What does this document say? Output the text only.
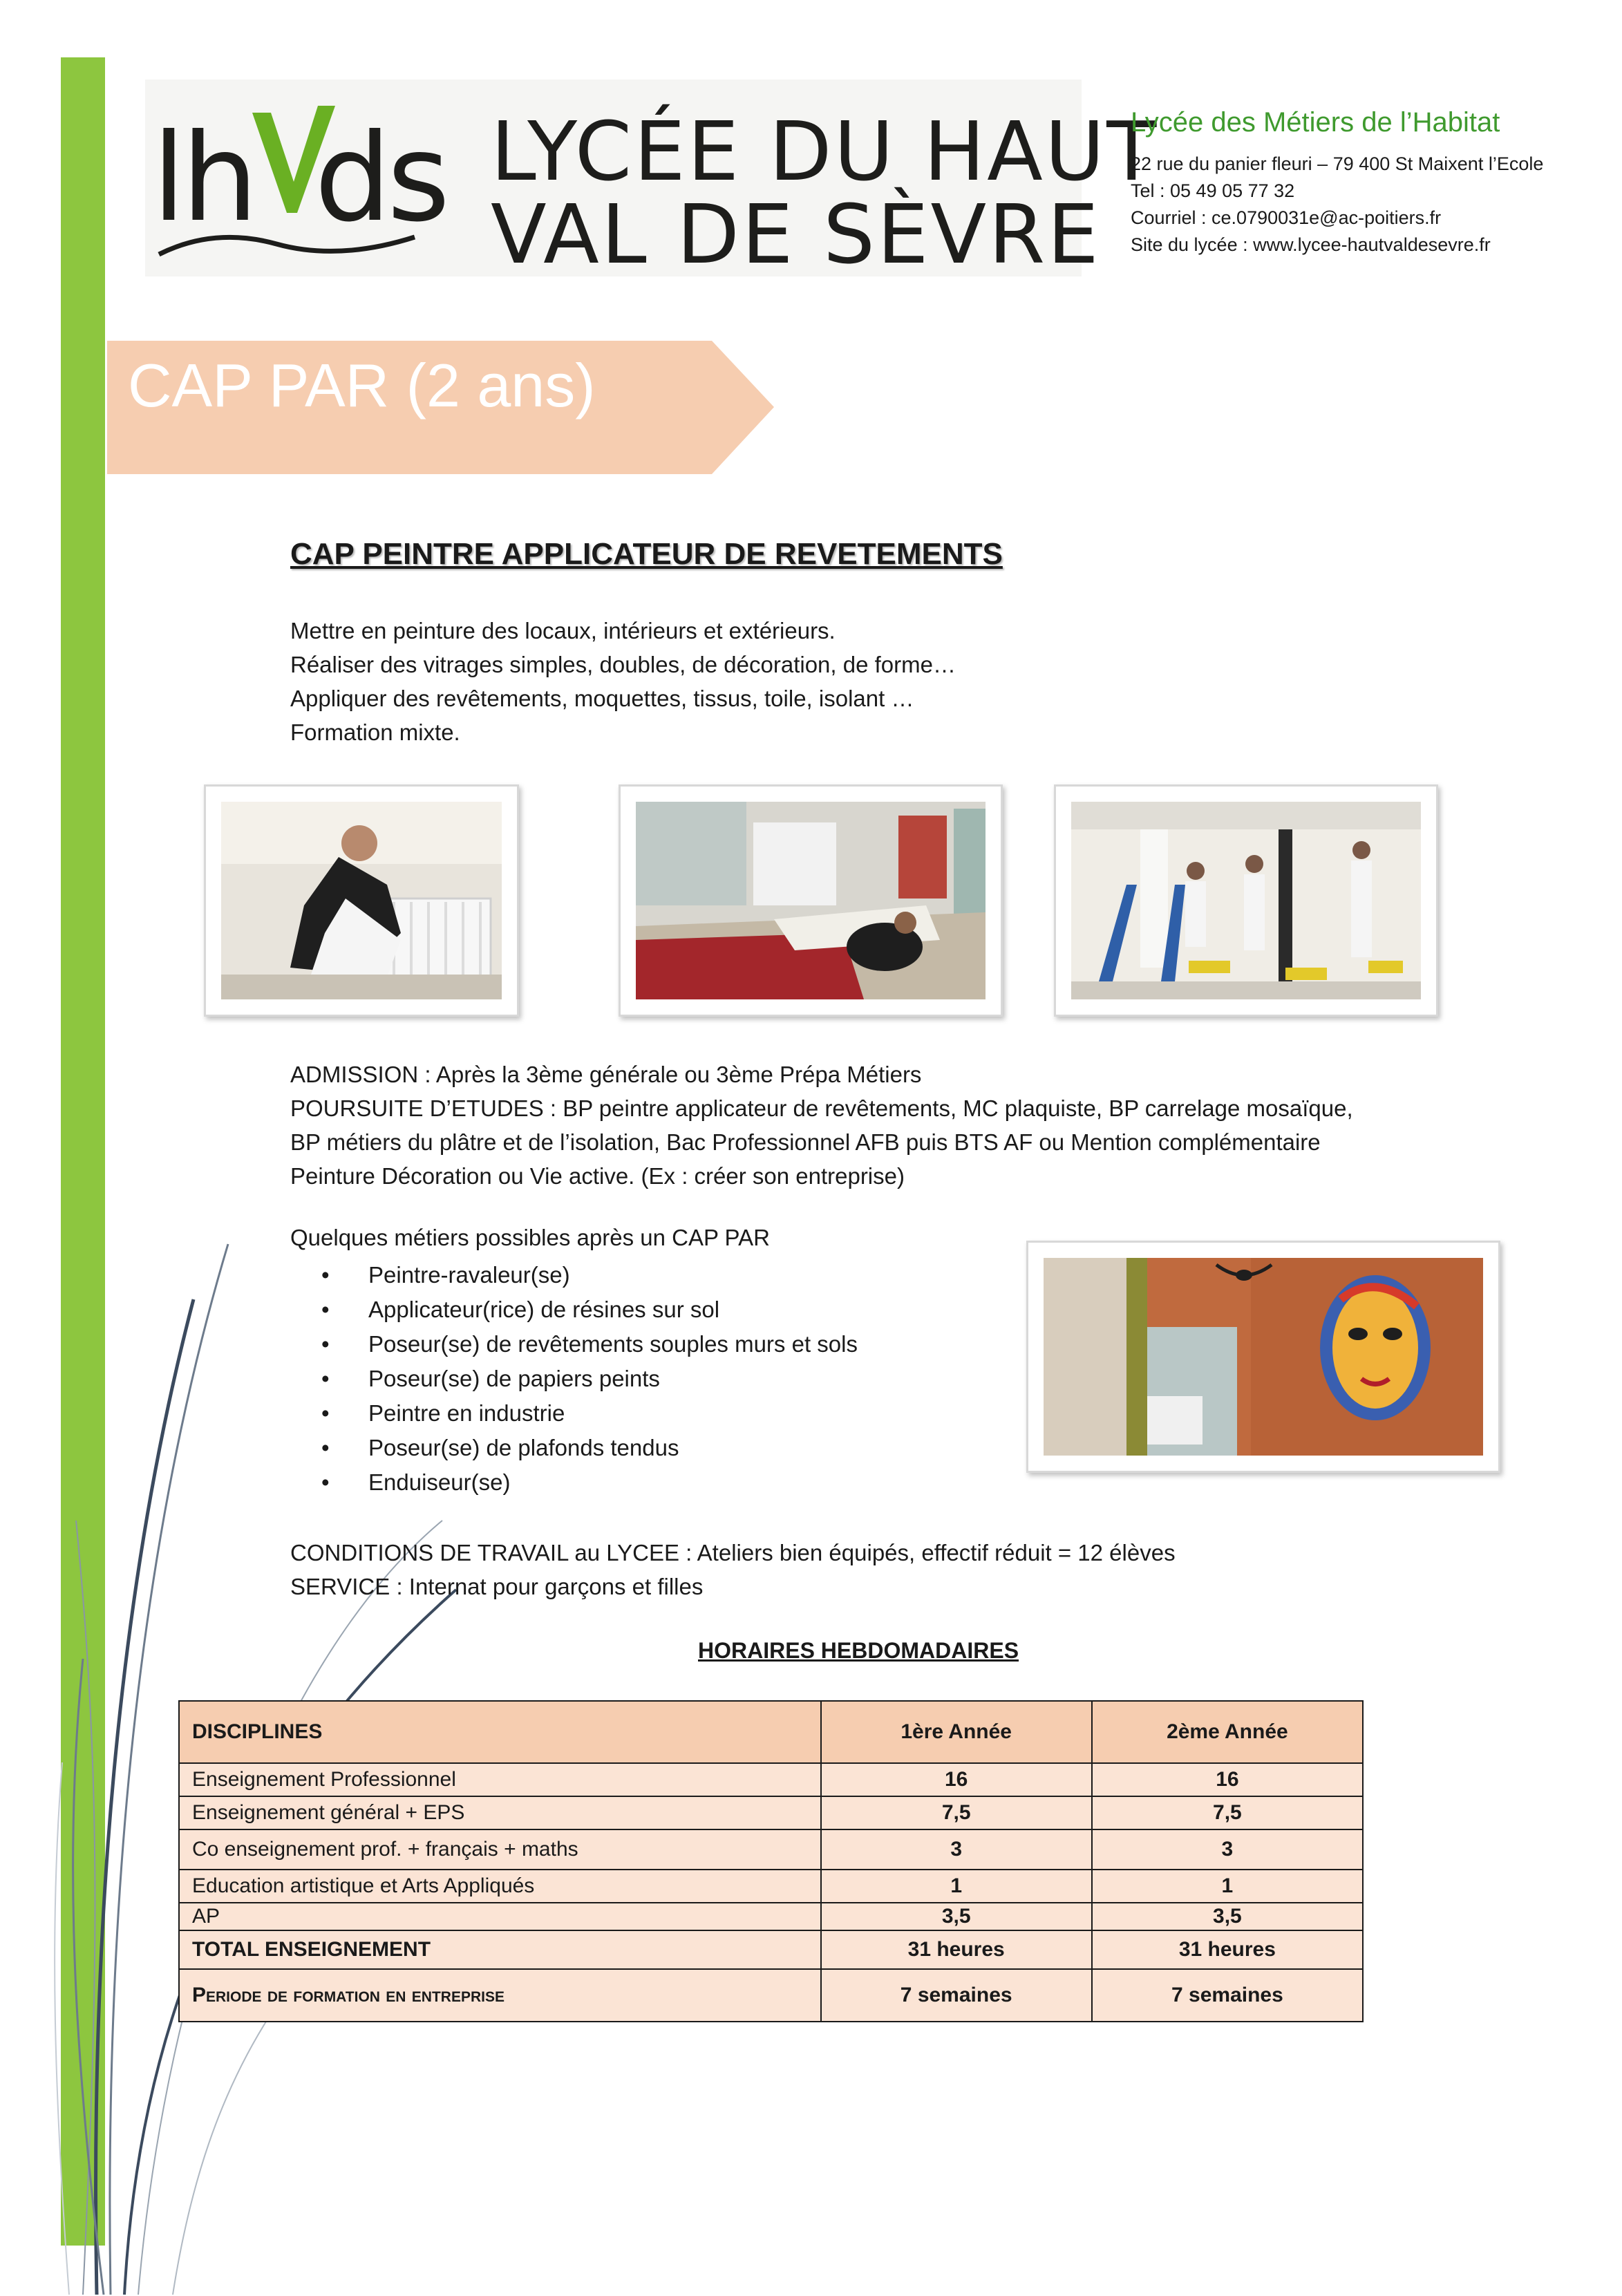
lh ds LYCÉE DU HAUT
VAL DE SÈVRE
Lycée des Métiers de l’Habitat
22 rue du panier fleuri – 79 400 St Maixent l’Ecole
Tel : 05 49 05 77 32
Courriel : ce.0790031e@ac-poitiers.fr
Site du lycée : www.lycee-hautvaldesevre.fr
CAP PAR (2 ans)
CAP PEINTRE APPLICATEUR DE REVETEMENTS
Mettre en peinture des locaux, intérieurs et extérieurs.
Réaliser des vitrages simples, doubles, de décoration, de forme…
Appliquer des revêtements, moquettes, tissus, toile, isolant …
Formation mixte.
ADMISSION : Après la 3ème générale ou 3ème Prépa Métiers
POURSUITE D’ETUDES : BP peintre applicateur de revêtements, MC plaquiste, BP carrelage mosaïque,
BP métiers du plâtre et de l’isolation, Bac Professionnel AFB puis BTS AF ou Mention complémentaire
Peinture Décoration ou Vie active. (Ex : créer son entreprise)
Quelques métiers possibles après un CAP PAR
• Peintre-ravaleur(se)
• Applicateur(rice) de résines sur sol
• Poseur(se) de revêtements souples murs et sols
• Poseur(se) de papiers peints
• Peintre en industrie
• Poseur(se) de plafonds tendus
• Enduiseur(se)
CONDITIONS DE TRAVAIL au LYCEE : Ateliers bien équipés, effectif réduit = 12 élèves
SERVICE : Internat pour garçons et filles
HORAIRES HEBDOMADAIRES
DISCIPLINES	1ère Année	2ème Année
Enseignement Professionnel	16	16
Enseignement général + EPS	7,5	7,5
Co enseignement prof. + français + maths	3	3
Education artistique et Arts Appliqués	1	1
AP	3,5	3,5
TOTAL ENSEIGNEMENT	31 heures	31 heures
Periode de formation en entreprise	7 semaines	7 semaines
